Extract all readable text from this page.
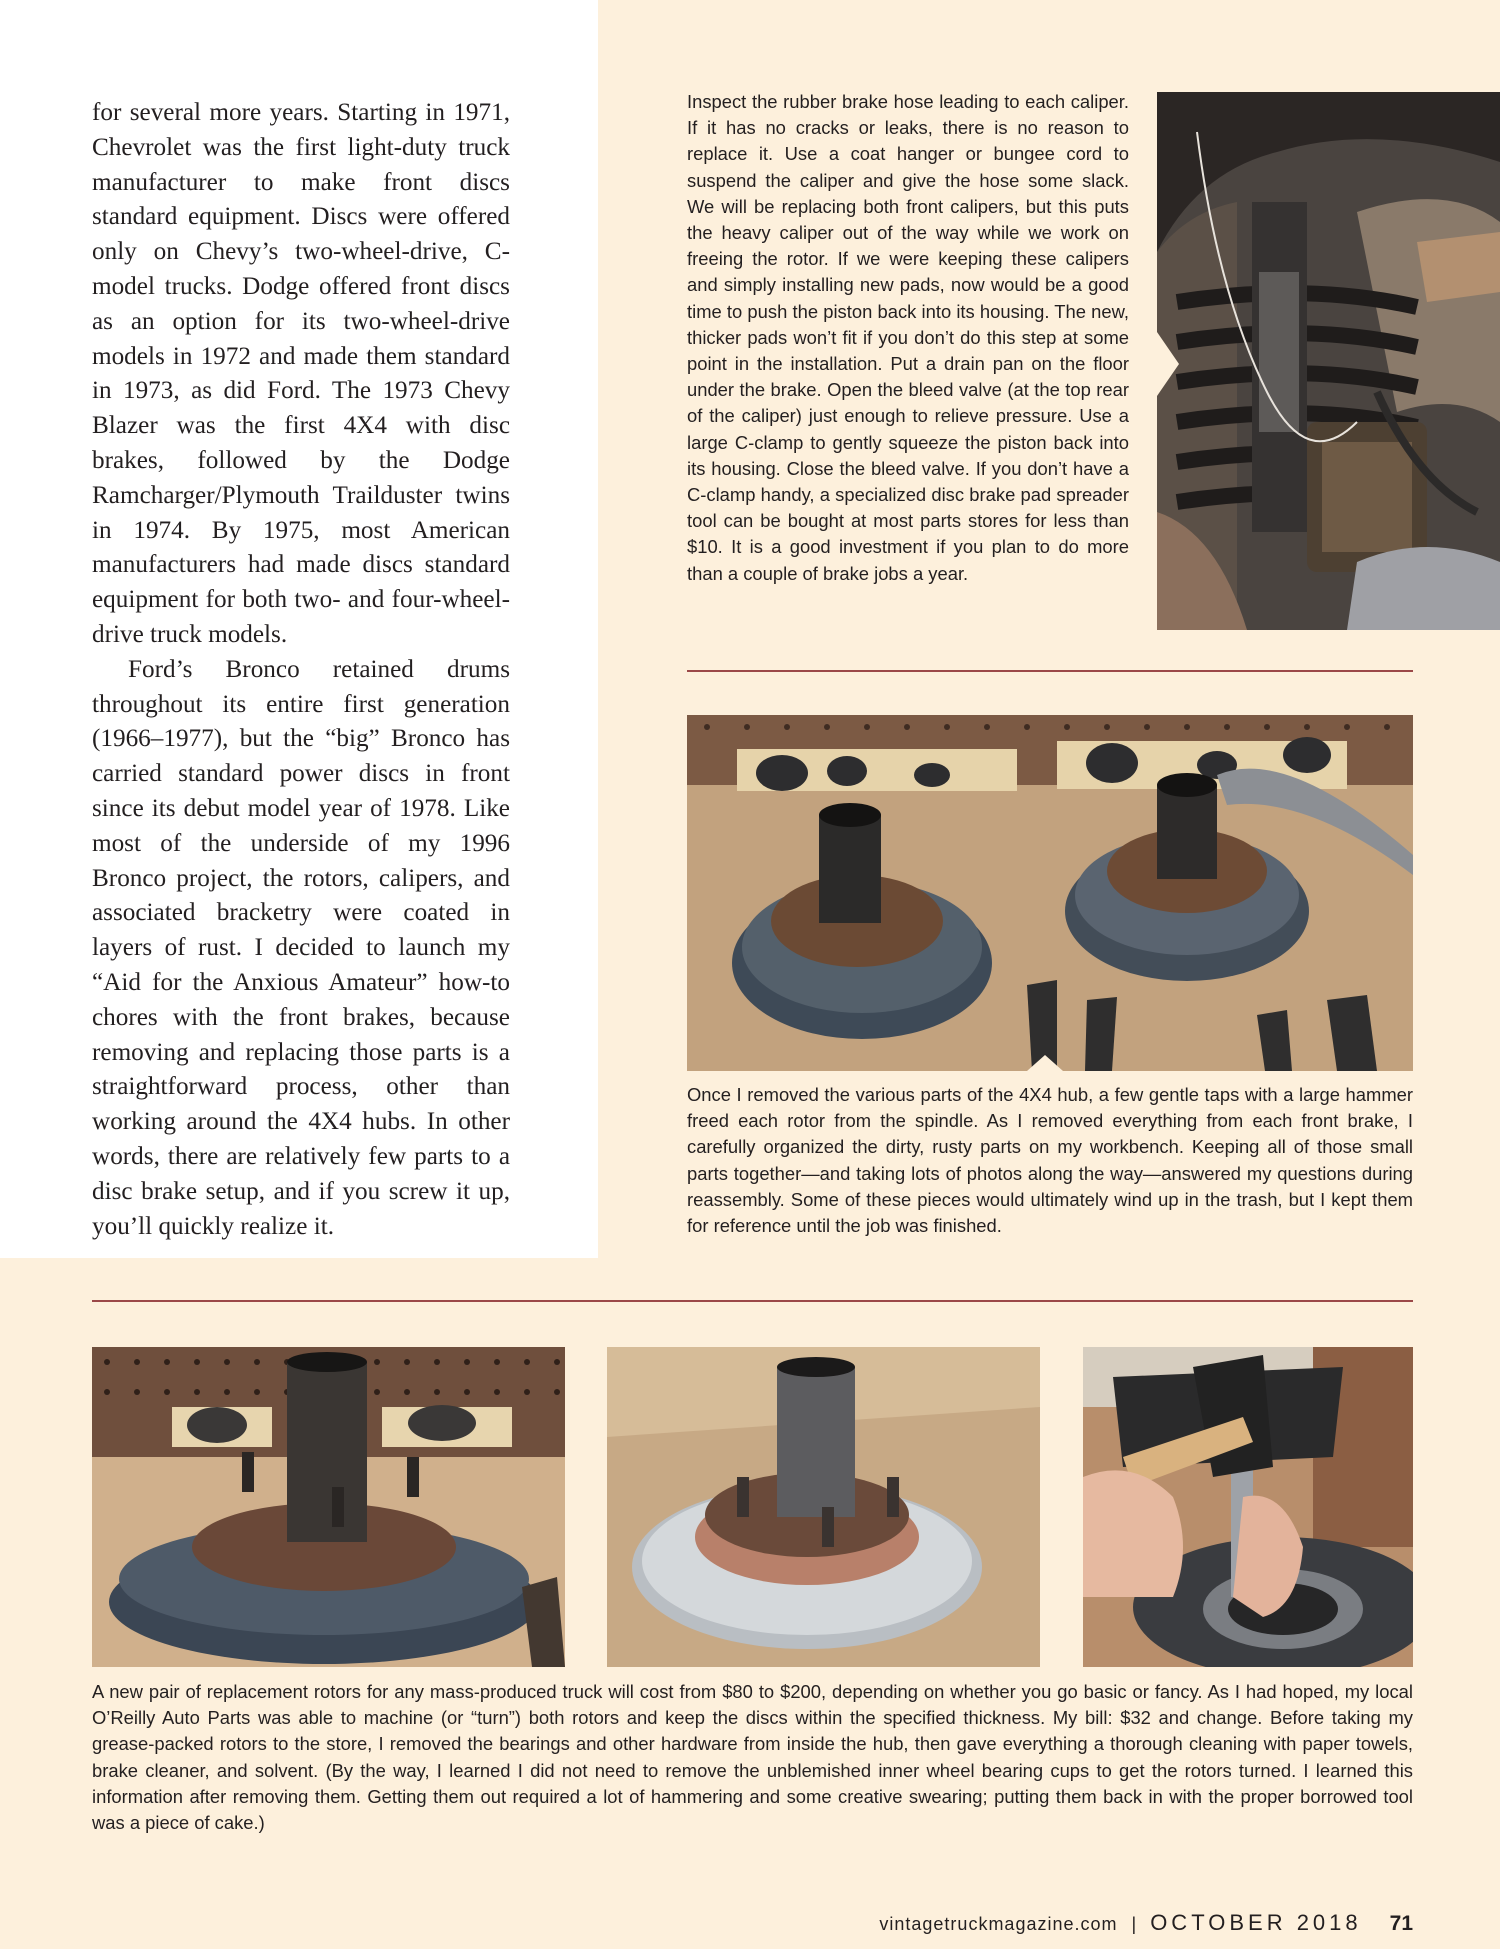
for several more years. Starting in 1971, Chevrolet was the first light-duty truck manufacturer to make front discs standard equipment. Discs were offered only on Chevy’s two-wheel-drive, C-model trucks. Dodge offered front discs as an option for its two-wheel-drive models in 1972 and made them standard in 1973, as did Ford. The 1973 Chevy Blazer was the first 4X4 with disc brakes, followed by the Dodge Ramcharger/Plymouth Trailduster twins in 1974. By 1975, most American manufacturers had made discs standard equipment for both two- and four-wheel-drive truck models.

Ford’s Bronco retained drums throughout its entire first generation (1966–1977), but the “big” Bronco has carried standard power discs in front since its debut model year of 1978. Like most of the underside of my 1996 Bronco project, the rotors, calipers, and associated bracketry were coated in layers of rust. I decided to launch my “Aid for the Anxious Amateur” how-to chores with the front brakes, because removing and replacing those parts is a straightforward process, other than working around the 4X4 hubs. In other words, there are relatively few parts to a disc brake setup, and if you screw it up, you’ll quickly realize it.

Inspect the rubber brake hose leading to each caliper. If it has no cracks or leaks, there is no reason to replace it. Use a coat hanger or bungee cord to suspend the caliper and give the hose some slack. We will be replacing both front calipers, but this puts the heavy caliper out of the way while we work on freeing the rotor. If we were keeping these calipers and simply installing new pads, now would be a good time to push the piston back into its housing. The new, thicker pads won’t fit if you don’t do this step at some point in the installation. Put a drain pan on the floor under the brake. Open the bleed valve (at the top rear of the caliper) just enough to relieve pressure. Use a large C-clamp to gently squeeze the piston back into its housing. Close the bleed valve. If you don’t have a C-clamp handy, a specialized disc brake pad spreader tool can be bought at most parts stores for less than $10. It is a good investment if you plan to do more than a couple of brake jobs a year.
Once I removed the various parts of the 4X4 hub, a few gentle taps with a large hammer freed each rotor from the spindle. As I removed everything from each front brake, I carefully organized the dirty, rusty parts on my workbench. Keeping all of those small parts together—and taking lots of photos along the way—answered my questions during reassembly. Some of these pieces would ultimately wind up in the trash, but I kept them for reference until the job was finished.
A new pair of replacement rotors for any mass-produced truck will cost from $80 to $200, depending on whether you go basic or fancy. As I had hoped, my local O’Reilly Auto Parts was able to machine (or “turn”) both rotors and keep the discs within the specified thickness. My bill: $32 and change. Before taking my grease-packed rotors to the store, I removed the bearings and other hardware from inside the hub, then gave everything a thorough cleaning with paper towels, brake cleaner, and solvent. (By the way, I learned I did not need to remove the unblemished inner wheel bearing cups to get the rotors turned. I learned this information after removing them. Getting them out required a lot of hammering and some creative swearing; putting them back in with the proper borrowed tool was a piece of cake.)
vintagetruckmagazine.com | OCTOBER 2018 71
